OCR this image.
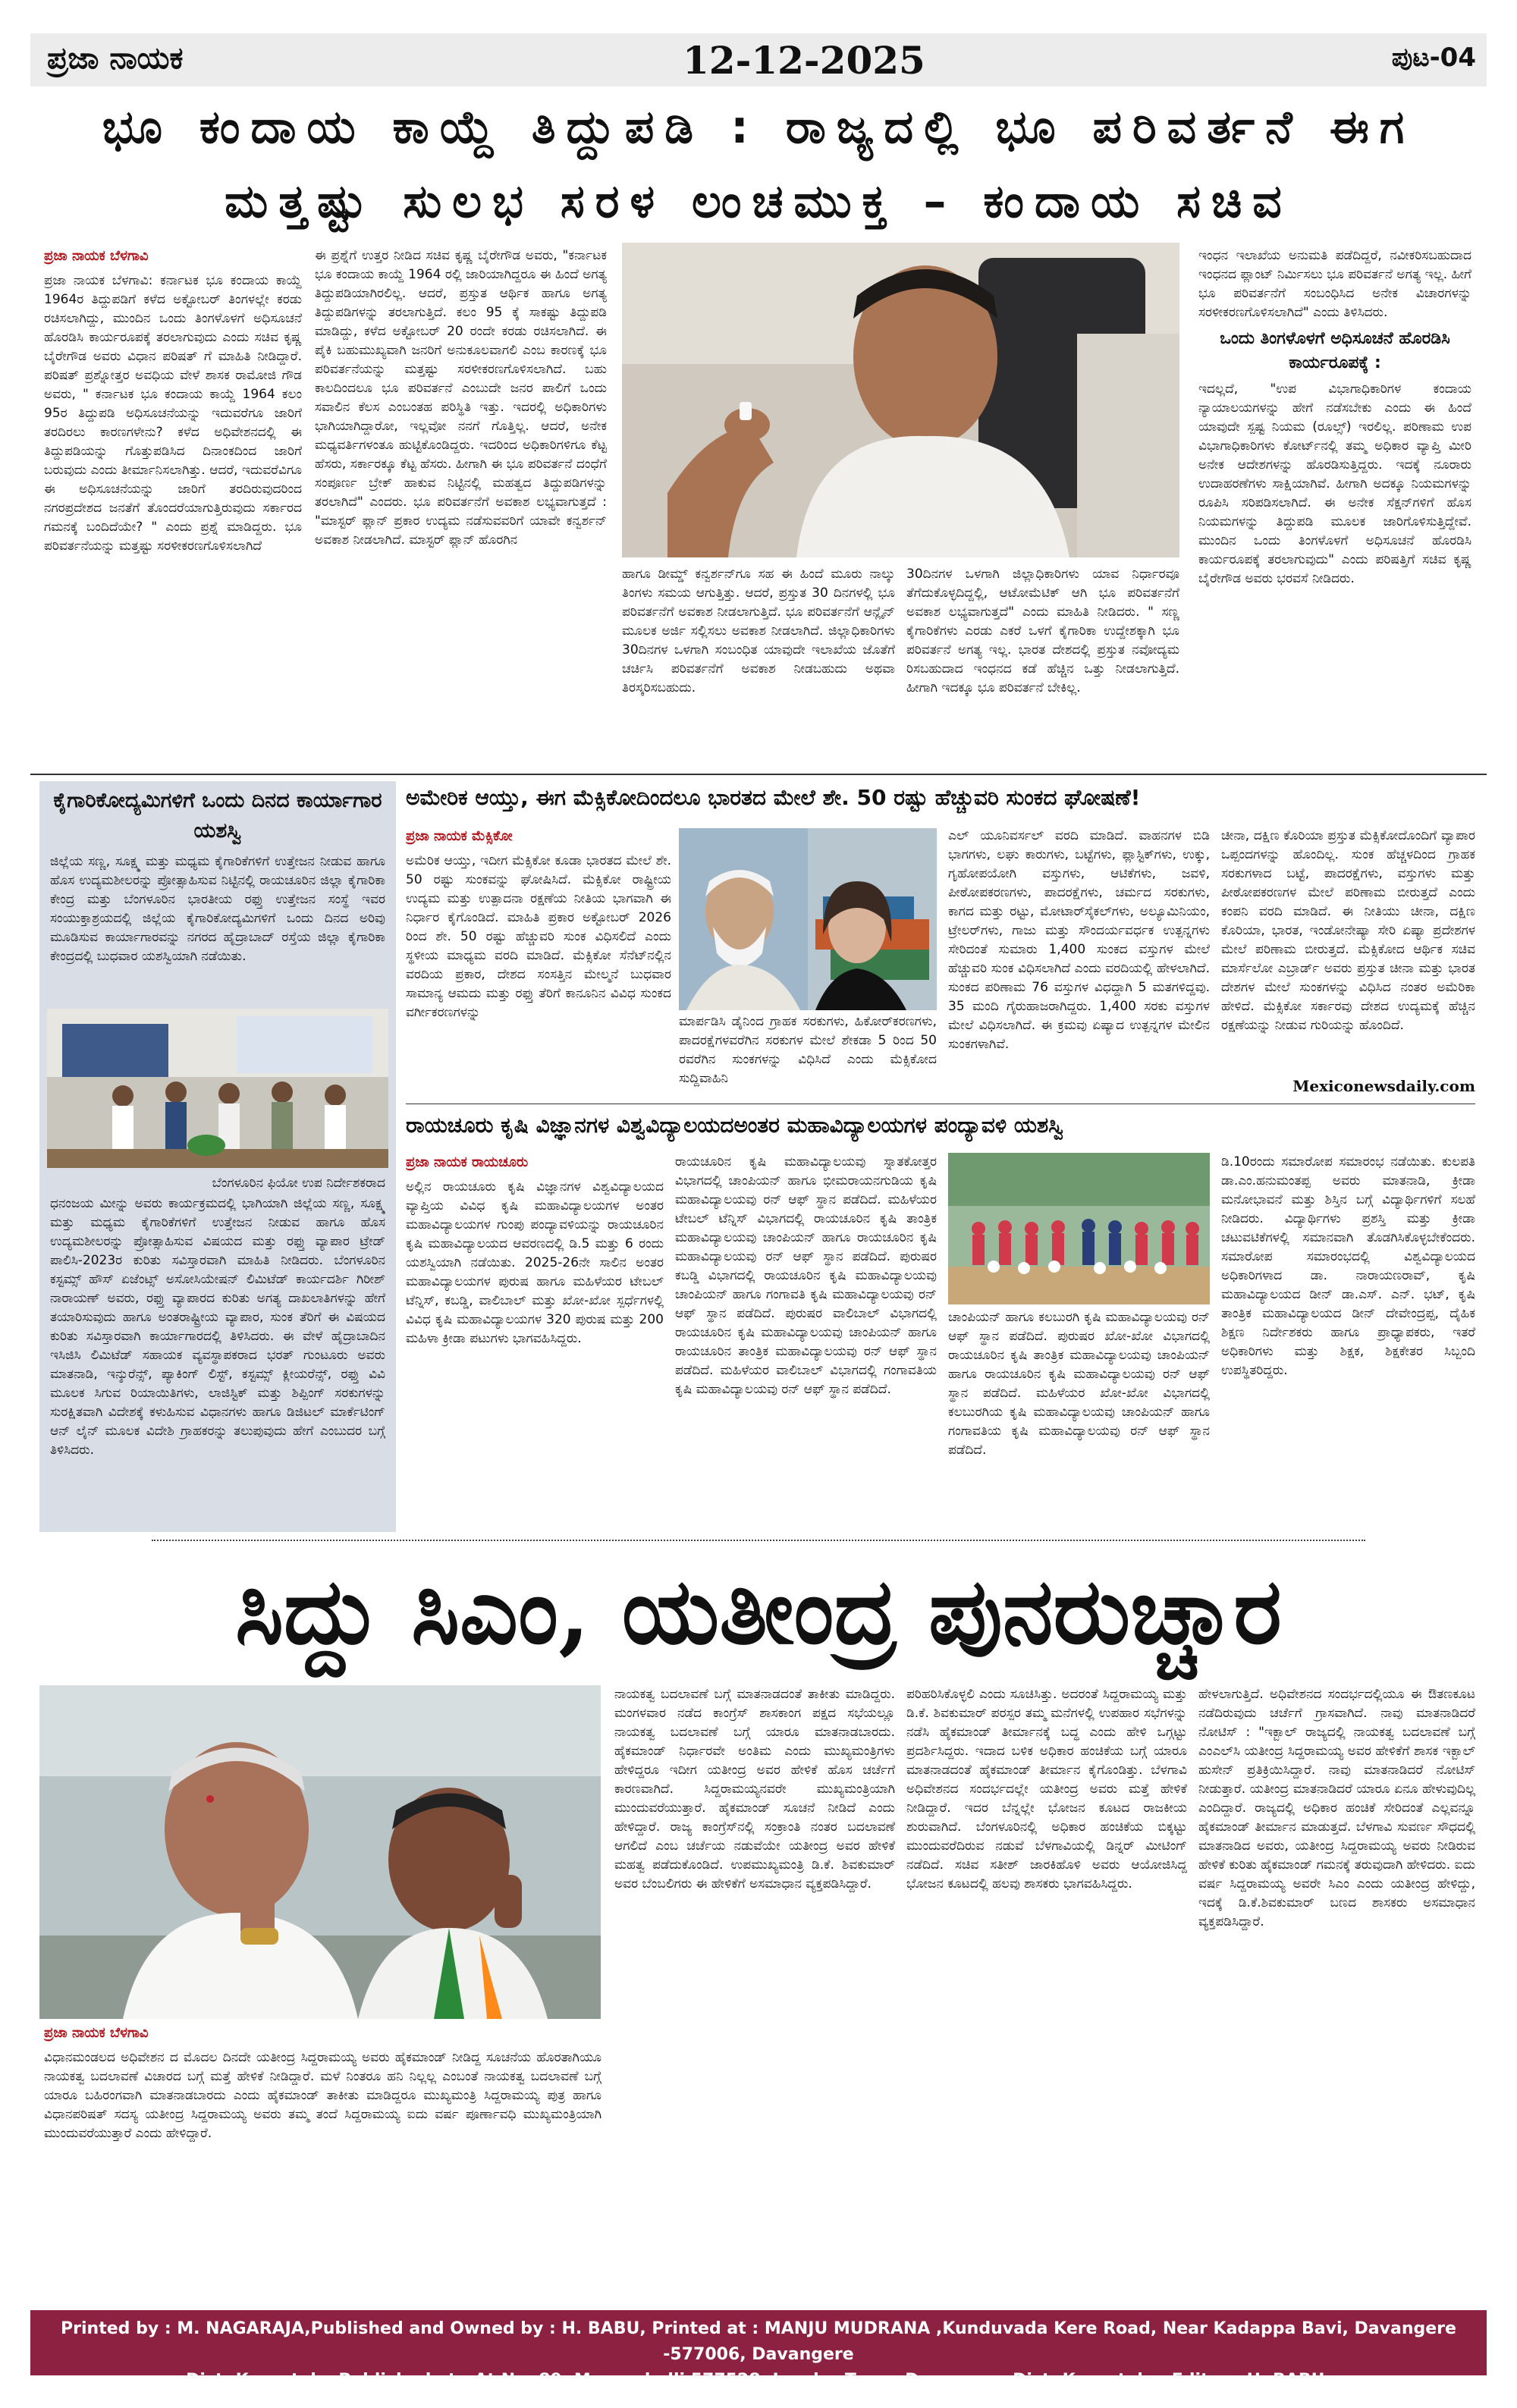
ಪ್ರಜಾ ನಾಯಕ	12-12-2025	ಪುಟ-04
ಭೂ ಕಂದಾಯ ಕಾಯ್ದೆ ತಿದ್ದುಪಡಿ : ರಾಜ್ಯದಲ್ಲಿ ಭೂ ಪರಿವರ್ತನೆ ಈಗ
ಮತ್ತಷ್ಟು ಸುಲಭ ಸರಳ ಲಂಚಮುಕ್ತ – ಕಂದಾಯ ಸಚಿವ
ಪ್ರಜಾ ನಾಯಕ ಬೆಳಗಾವಿ

ಪ್ರಜಾ ನಾಯಕ ಬೆಳಗಾವಿ: ಕರ್ನಾಟಕ ಭೂ ಕಂದಾಯ ಕಾಯ್ದೆ 1964ರ ತಿದ್ದುಪಡಿಗೆ ಕಳೆದ ಅಕ್ಟೋಬರ್ ತಿಂಗಳಲ್ಲೇ ಕರಡು ರಚಿಸಲಾಗಿದ್ದು, ಮುಂದಿನ ಒಂದು ತಿಂಗಳೊಳಗೆ ಅಧಿಸೂಚನೆ ಹೊರಡಿಸಿ ಕಾರ್ಯರೂಪಕ್ಕೆ ತರಲಾಗುವುದು ಎಂದು ಸಚಿವ ಕೃಷ್ಣ ಬೈರೇಗೌಡ ಅವರು ವಿಧಾನ ಪರಿಷತ್ ಗೆ ಮಾಹಿತಿ ನೀಡಿದ್ದಾರೆ. ಪರಿಷತ್ ಪ್ರಶ್ನೋತ್ತರ ಅವಧಿಯ ವೇಳೆ ಶಾಸಕ ರಾಮೋಜಿ ಗೌಡ ಅವರು, " ಕರ್ನಾಟಕ ಭೂ ಕಂದಾಯ ಕಾಯ್ದೆ 1964 ಕಲಂ 95ರ ತಿದ್ದುಪಡಿ ಅಧಿಸೂಚನೆಯನ್ನು ಇದುವರೆಗೂ ಜಾರಿಗೆ ತರದಿರಲು ಕಾರಣಗಳೇನು? ಕಳೆದ ಅಧಿವೇಶನದಲ್ಲಿ ಈ ತಿದ್ದುಪಡಿಯನ್ನು ಗೊತ್ತುಪಡಿಸಿದ ದಿನಾಂಕದಿಂದ ಜಾರಿಗೆ ಬರುವುದು ಎಂದು ತೀರ್ಮಾನಿಸಲಾಗಿತ್ತು. ಆದರೆ, ಇದುವರೆವಿಗೂ ಈ ಅಧಿಸೂಚನೆಯನ್ನು ಜಾರಿಗೆ ತರದಿರುವುದರಿಂದ ನಗರಪ್ರದೇಶದ ಜನತೆಗೆ ತೊಂದರೆಯಾಗುತ್ತಿರುವುದು ಸರ್ಕಾರದ ಗಮನಕ್ಕೆ ಬಂದಿದೆಯೇ? " ಎಂದು ಪ್ರಶ್ನೆ ಮಾಡಿದ್ದರು. ಭೂ ಪರಿವರ್ತನೆಯನ್ನು ಮತ್ತಷ್ಟು ಸರಳೀಕರಣಗೊಳಿಸಲಾಗಿದೆ

ಈ ಪ್ರಶ್ನೆಗೆ ಉತ್ತರ ನೀಡಿದ ಸಚಿವ ಕೃಷ್ಣ ಬೈರೇಗೌಡ ಅವರು, "ಕರ್ನಾಟಕ ಭೂ ಕಂದಾಯ ಕಾಯ್ದೆ 1964 ರಲ್ಲಿ ಜಾರಿಯಾಗಿದ್ದರೂ ಈ ಹಿಂದೆ ಅಗತ್ಯ ತಿದ್ದುಪಡಿಯಾಗಿರಲಿಲ್ಲ. ಆದರೆ, ಪ್ರಸ್ತುತ ಆರ್ಥಿಕ ಹಾಗೂ ಅಗತ್ಯ ತಿದ್ದುಪಡಿಗಳನ್ನು ತರಲಾಗುತ್ತಿದೆ. ಕಲಂ 95 ಕ್ಕೆ ಸಾಕಷ್ಟು ತಿದ್ದುಪಡಿ ಮಾಡಿದ್ದು, ಕಳೆದ ಅಕ್ಟೋಬರ್ 20 ರಂದೇ ಕರಡು ರಚಿಸಲಾಗಿದೆ. ಈ ಪೈಕಿ ಬಹುಮುಖ್ಯವಾಗಿ ಜನರಿಗೆ ಅನುಕೂಲವಾಗಲಿ ಎಂಬ ಕಾರಣಕ್ಕೆ ಭೂ ಪರಿವರ್ತನೆಯನ್ನು ಮತ್ತಷ್ಟು ಸರಳೀಕರಣಗೊಳಿಸಲಾಗಿದೆ. ಬಹು ಕಾಲದಿಂದಲೂ ಭೂ ಪರಿವರ್ತನೆ ಎಂಬುದೇ ಜನರ ಪಾಲಿಗೆ ಒಂದು ಸವಾಲಿನ ಕೆಲಸ ಎಂಬಂತಹ ಪರಿಸ್ಥಿತಿ ಇತ್ತು. ಇದರಲ್ಲಿ ಅಧಿಕಾರಿಗಳು ಭಾಗಿಯಾಗಿದ್ದಾರೋ, ಇಲ್ಲವೋ ನನಗೆ ಗೊತ್ತಿಲ್ಲ. ಆದರೆ, ಅನೇಕ ಮಧ್ಯವರ್ತಿಗಳಂತೂ ಹುಟ್ಟಿಕೊಂಡಿದ್ದರು. ಇದರಿಂದ ಅಧಿಕಾರಿಗಳಿಗೂ ಕೆಟ್ಟ ಹೆಸರು, ಸರ್ಕಾರಕ್ಕೂ ಕೆಟ್ಟ ಹೆಸರು. ಹೀಗಾಗಿ ಈ ಭೂ ಪರಿವರ್ತನೆ ದಂಧೆಗೆ ಸಂಪೂರ್ಣ ಬ್ರೇಕ್ ಹಾಕುವ ನಿಟ್ಟಿನಲ್ಲಿ ಮಹತ್ವದ ತಿದ್ದುಪಡಿಗಳನ್ನು ತರಲಾಗಿದೆ" ಎಂದರು. ಭೂ ಪರಿವರ್ತನೆಗೆ ಅವಕಾಶ ಲಭ್ಯವಾಗುತ್ತದೆ : "ಮಾಸ್ಟರ್ ಪ್ಲಾನ್ ಪ್ರಕಾರ ಉದ್ಯಮ ನಡೆಸುವವರಿಗೆ ಯಾವೇ ಕನ್ವರ್ಶನ್ ಅವಕಾಶ ನೀಡಲಾಗಿದೆ. ಮಾಸ್ಟರ್ ಪ್ಲಾನ್ ಹೊರಗಿನ

ಹಾಗೂ ಡೀಮ್ಡ್ ಕನ್ವರ್ಶನ್‌ಗೂ ಸಹ ಈ ಹಿಂದೆ ಮೂರು ನಾಲ್ಕು ತಿಂಗಳು ಸಮಯ ಆಗುತ್ತಿತ್ತು. ಆದರೆ, ಪ್ರಸ್ತುತ 30 ದಿನಗಳಲ್ಲಿ ಭೂ ಪರಿವರ್ತನೆಗೆ ಅವಕಾಶ ನೀಡಲಾಗುತ್ತಿದೆ. ಭೂ ಪರಿವರ್ತನೆಗೆ ಆನ್ಲೈನ್ ಮೂಲಕ ಅರ್ಜಿ ಸಲ್ಲಿಸಲು ಅವಕಾಶ ನೀಡಲಾಗಿದೆ. ಜಿಲ್ಲಾಧಿಕಾರಿಗಳು 30ದಿನಗಳ ಒಳಗಾಗಿ ಸಂಬಂಧಿತ ಯಾವುದೇ ಇಲಾಖೆಯ ಜೊತೆಗೆ ಚರ್ಚಿಸಿ ಪರಿವರ್ತನೆಗೆ ಅವಕಾಶ ನೀಡಬಹುದು ಅಥವಾ ತಿರಸ್ಕರಿಸಬಹುದು.

30ದಿನಗಳ ಒಳಗಾಗಿ ಜಿಲ್ಲಾಧಿಕಾರಿಗಳು ಯಾವ ನಿರ್ಧಾರವೂ ತೆಗೆದುಕೊಳ್ಳದಿದ್ದಲ್ಲಿ, ಆಟೋಮೆಟಿಕ್ ಆಗಿ ಭೂ ಪರಿವರ್ತನೆಗೆ ಅವಕಾಶ ಲಭ್ಯವಾಗುತ್ತದೆ" ಎಂದು ಮಾಹಿತಿ ನೀಡಿದರು. " ಸಣ್ಣ ಕೈಗಾರಿಕೆಗಳು ಎರಡು ಎಕರೆ ಒಳಗೆ ಕೈಗಾರಿಕಾ ಉದ್ದೇಶಕ್ಕಾಗಿ ಭೂ ಪರಿವರ್ತನೆ ಅಗತ್ಯ ಇಲ್ಲ. ಭಾರತ ದೇಶದಲ್ಲಿ ಪ್ರಸ್ತುತ ನವೋದ್ಯಮ ರಿಸಬಹುದಾದ ಇಂಧನದ ಕಡೆ ಹೆಚ್ಚಿನ ಒತ್ತು ನೀಡಲಾಗುತ್ತಿದೆ. ಹೀಗಾಗಿ ಇದಕ್ಕೂ ಭೂ ಪರಿವರ್ತನೆ ಬೇಕಿಲ್ಲ.

ಇಂಧನ ಇಲಾಖೆಯ ಅನುಮತಿ ಪಡೆದಿದ್ದರೆ, ನವೀಕರಿಸಬಹುದಾದ ಇಂಧನದ ಪ್ಲಾಂಟ್ ನಿರ್ಮಿಸಲು ಭೂ ಪರಿವರ್ತನೆ ಅಗತ್ಯ ಇಲ್ಲ. ಹೀಗೆ ಭೂ ಪರಿವರ್ತನೆಗೆ ಸಂಬಂಧಿಸಿದ ಅನೇಕ ವಿಚಾರಗಳನ್ನು ಸರಳೀಕರಣಗೊಳಿಸಲಾಗಿದೆ" ಎಂದು ತಿಳಿಸಿದರು.

ಒಂದು ತಿಂಗಳೊಳಗೆ ಅಧಿಸೂಚನೆ ಹೊರಡಿಸಿ ಕಾರ್ಯರೂಪಕ್ಕೆ :

ಇದಲ್ಲದೆ, "ಉಪ ವಿಭಾಗಾಧಿಕಾರಿಗಳ ಕಂದಾಯ ನ್ಯಾಯಾಲಯಗಳನ್ನು ಹೇಗೆ ನಡೆಸಬೇಕು ಎಂದು ಈ ಹಿಂದೆ ಯಾವುದೇ ಸ್ಪಷ್ಟ ನಿಯಮ (ರೂಲ್ಸ್) ಇರಲಿಲ್ಲ. ಪರಿಣಾಮ ಉಪ ವಿಭಾಗಾಧಿಕಾರಿಗಳು ಕೋರ್ಟ್‌ನಲ್ಲಿ ತಮ್ಮ ಅಧಿಕಾರ ವ್ಯಾಪ್ತಿ ಮೀರಿ ಅನೇಕ ಆದೇಶಗಳನ್ನು ಹೊರಡಿಸುತ್ತಿದ್ದರು. ಇದಕ್ಕೆ ನೂರಾರು ಉದಾಹರಣೆಗಳು ಸಾಕ್ಷಿಯಾಗಿವೆ. ಹೀಗಾಗಿ ಅದಕ್ಕೂ ನಿಯಮಗಳನ್ನು ರೂಪಿಸಿ ಸರಿಪಡಿಸಲಾಗಿದೆ. ಈ ಅನೇಕ ಸೆಕ್ಷನ್‌ಗಳಿಗೆ ಹೊಸ ನಿಯಮಗಳನ್ನು ತಿದ್ದುಪಡಿ ಮೂಲಕ ಜಾರಿಗೊಳಿಸುತ್ತಿದ್ದೇವೆ. ಮುಂದಿನ ಒಂದು ತಿಂಗಳೊಳಗೆ ಅಧಿಸೂಚನೆ ಹೊರಡಿಸಿ ಕಾರ್ಯರೂಪಕ್ಕೆ ತರಲಾಗುವುದು" ಎಂದು ಪರಿಷತ್ತಿಗೆ ಸಚಿವ ಕೃಷ್ಣ ಬೈರೇಗೌಡ ಅವರು ಭರವಸೆ ನೀಡಿದರು.

ಕೈಗಾರಿಕೋದ್ಯಮಿಗಳಿಗೆ ಒಂದು ದಿನದ ಕಾರ್ಯಾಗಾರ ಯಶಸ್ವಿ

ಜಿಲ್ಲೆಯ ಸಣ್ಣ, ಸೂಕ್ಷ್ಮ ಮತ್ತು ಮಧ್ಯಮ ಕೈಗಾರಿಕೆಗಳಿಗೆ ಉತ್ತೇಜನ ನೀಡುವ ಹಾಗೂ ಹೊಸ ಉದ್ಯಮಶೀಲರನ್ನು ಪ್ರೋತ್ಸಾಹಿಸುವ ನಿಟ್ಟಿನಲ್ಲಿ ರಾಯಚೂರಿನ ಜಿಲ್ಲಾ ಕೈಗಾರಿಕಾ ಕೇಂದ್ರ ಮತ್ತು ಬೆಂಗಳೂರಿನ ಭಾರತೀಯ ರಫ್ತು ಉತ್ತೇಜನ ಸಂಸ್ಥೆ ಇವರ ಸಂಯುಕ್ತಾಶ್ರಯದಲ್ಲಿ ಜಿಲ್ಲೆಯ ಕೈಗಾರಿಕೋದ್ಯಮಿಗಳಿಗೆ ಒಂದು ದಿನದ ಅರಿವು ಮೂಡಿಸುವ ಕಾರ್ಯಾಗಾರವನ್ನು ನಗರದ ಹೈದ್ರಾಬಾದ್ ರಸ್ತೆಯ ಜಿಲ್ಲಾ ಕೈಗಾರಿಕಾ ಕೇಂದ್ರದಲ್ಲಿ ಬುಧವಾರ ಯಶಸ್ವಿಯಾಗಿ ನಡೆಯಿತು.

ಬೆಂಗಳೂರಿನ ಫಿಯೋ ಉಪ ನಿರ್ದೇಶಕರಾದ

ಧನಂಜಯ ಮೀನ್ನು ಅವರು ಕಾರ್ಯಕ್ರಮದಲ್ಲಿ ಭಾಗಿಯಾಗಿ ಜಿಲ್ಲೆಯ ಸಣ್ಣ, ಸೂಕ್ಷ್ಮ ಮತ್ತು ಮಧ್ಯಮ ಕೈಗಾರಿಕೆಗಳಿಗೆ ಉತ್ತೇಜನ ನೀಡುವ ಹಾಗೂ ಹೊಸ ಉದ್ಯಮಶೀಲರನ್ನು ಪ್ರೋತ್ಸಾಹಿಸುವ ವಿಷಯದ ಮತ್ತು ರಫ್ತು ವ್ಯಾಪಾರ ಟ್ರೇಡ್ ಪಾಲಿಸಿ-2023ರ ಕುರಿತು ಸವಿಸ್ತಾರವಾಗಿ ಮಾಹಿತಿ ನೀಡಿದರು. ಬೆಂಗಳೂರಿನ ಕಸ್ಟಮ್ಸ್ ಹೌಸ್ ಏಜೆಂಟ್ಸ್ ಅಸೋಸಿಯೇಷನ್ ಲಿಮಿಟೆಡ್ ಕಾರ್ಯದರ್ಶಿ ಗಿರೀಶ್ ನಾರಾಯಣ್ ಅವರು, ರಫ್ತು ವ್ಯಾಪಾರದ ಕುರಿತು ಅಗತ್ಯ ದಾಖಲಾತಿಗಳನ್ನು ಹೇಗೆ ತಯಾರಿಸುವುದು ಹಾಗೂ ಅಂತರಾಷ್ಟ್ರೀಯ ವ್ಯಾಪಾರ, ಸುಂಕ ತೆರಿಗೆ ಈ ವಿಷಯದ ಕುರಿತು ಸವಿಸ್ತಾರವಾಗಿ ಕಾರ್ಯಾಗಾರದಲ್ಲಿ ತಿಳಿಸಿದರು. ಈ ವೇಳೆ ಹೈದ್ರಾಬಾದಿನ ಇಸಿಜಿಸಿ ಲಿಮಿಟೆಡ್ ಸಹಾಯಕ ವ್ಯವಸ್ಥಾಪಕರಾದ ಭರತ್ ಗುಂಟೂರು ಅವರು ಮಾತನಾಡಿ, ಇನ್ಶುರೆನ್ಸ್, ಪ್ಯಾಕಿಂಗ್ ಲಿಸ್ಟ್, ಕಸ್ಟಮ್ಸ್ ಕ್ಲೀಯರೆನ್ಸ್, ರಫ್ತು ವಿವಿ ಮೂಲಕ ಸಿಗುವ ರಿಯಾಯಿತಿಗಳು, ಲಾಜಿಸ್ಟಿಕ್ ಮತ್ತು ಶಿಪ್ಪಿಂಗ್ ಸರಕುಗಳನ್ನು ಸುರಕ್ಷಿತವಾಗಿ ವಿದೇಶಕ್ಕೆ ಕಳುಹಿಸುವ ವಿಧಾನಗಳು ಹಾಗೂ ಡಿಜಿಟಲ್ ಮಾರ್ಕೆಟಿಂಗ್ ಆನ್ ಲೈನ್ ಮೂಲಕ ವಿದೇಶಿ ಗ್ರಾಹಕರನ್ನು ತಲುಪುವುದು ಹೇಗೆ ಎಂಬುದರ ಬಗ್ಗೆ ತಿಳಿಸಿದರು.

ಅಮೇರಿಕ ಆಯ್ತು, ಈಗ ಮೆಕ್ಸಿಕೋದಿಂದಲೂ ಭಾರತದ ಮೇಲೆ ಶೇ. 50 ರಷ್ಟು ಹೆಚ್ಚುವರಿ ಸುಂಕದ ಘೋಷಣೆ!
ಪ್ರಜಾ ನಾಯಕ ಮೆಕ್ಸಿಕೋ

ಅಮೆರಿಕ ಆಯ್ತು, ಇದೀಗ ಮೆಕ್ಸಿಕೋ ಕೂಡಾ ಭಾರತದ ಮೇಲೆ ಶೇ. 50 ರಷ್ಟು ಸುಂಕವನ್ನು ಘೋಷಿಸಿದೆ. ಮೆಕ್ಸಿಕೋ ರಾಷ್ಟ್ರೀಯ ಉದ್ಯಮ ಮತ್ತು ಉತ್ಪಾದನಾ ರಕ್ಷಣೆಯ ನೀತಿಯ ಭಾಗವಾಗಿ ಈ ನಿರ್ಧಾರ ಕೈಗೊಂಡಿದೆ. ಮಾಹಿತಿ ಪ್ರಕಾರ ಅಕ್ಟೋಬರ್ 2026 ರಿಂದ ಶೇ. 50 ರಷ್ಟು ಹೆಚ್ಚುವರಿ ಸುಂಕ ವಿಧಿಸಲಿದೆ ಎಂದು ಸ್ಥಳೀಯ ಮಾಧ್ಯಮ ವರದಿ ಮಾಡಿದೆ. ಮೆಕ್ಸಿಕೋ ಸೆನೆಟ್‌ನಲ್ಲಿನ ವರದಿಯ ಪ್ರಕಾರ, ದೇಶದ ಸಂಸತ್ತಿನ ಮೇಲ್ಮನೆ ಬುಧವಾರ ಸಾಮಾನ್ಯ ಆಮದು ಮತ್ತು ರಫ್ತು ತೆರಿಗೆ ಕಾನೂನಿನ ವಿವಿಧ ಸುಂಕದ ವರ್ಗೀಕರಣಗಳನ್ನು

ಮಾರ್ಪಡಿಸಿ ಡೈನಿಂದ ಗ್ರಾಹಕ ಸರಕುಗಳು, ಹಿಕೋರ್‌ಕರಣಗಳು, ಪಾದರಕ್ಷೆಗಳವರೆಗಿನ ಸರಕುಗಳ ಮೇಲೆ ಶೇಕಡಾ 5 ರಿಂದ 50 ರವರೆಗಿನ ಸುಂಕಗಳನ್ನು ವಿಧಿಸಿದೆ ಎಂದು ಮೆಕ್ಸಿಕೋದ ಸುದ್ದಿವಾಹಿನಿ

ಎಲ್ ಯೂನಿವರ್ಸಲ್ ವರದಿ ಮಾಡಿದೆ. ವಾಹನಗಳ ಬಿಡಿ ಭಾಗಗಳು, ಲಘು ಕಾರುಗಳು, ಬಟ್ಟೆಗಳು, ಪ್ಲಾಸ್ಟಿಕ್‌ಗಳು, ಉಕ್ಕು, ಗೃಹೋಪಯೋಗಿ ವಸ್ತುಗಳು, ಆಟಿಕೆಗಳು, ಜವಳಿ, ಪೀಠೋಪಕರಣಗಳು, ಪಾದರಕ್ಷೆಗಳು, ಚರ್ಮದ ಸರಕುಗಳು, ಕಾಗದ ಮತ್ತು ರಟ್ಟು, ಮೋಟಾರ್‌ಸೈಕಲ್‌ಗಳು, ಅಲ್ಯೂಮಿನಿಯಂ, ಟ್ರೇಲರ್‌ಗಳು, ಗಾಜು ಮತ್ತು ಸೌಂದರ್ಯವರ್ಧಕ ಉತ್ಪನ್ನಗಳು ಸೇರಿದಂತೆ ಸುಮಾರು 1,400 ಸುಂಕದ ವಸ್ತುಗಳ ಮೇಲೆ ಹೆಚ್ಚುವರಿ ಸುಂಕ ವಿಧಿಸಲಾಗಿದೆ ಎಂದು ವರದಿಯಲ್ಲಿ ಹೇಳಲಾಗಿದೆ. ಸುಂಕದ ಪರಿಣಾಮ 76 ವಸ್ತುಗಳ ವಿಧದ್ದಾಗಿ 5 ಮತಗಳಿದ್ದವು. 35 ಮಂದಿ ಗೈರುಹಾಜರಾಗಿದ್ದರು. 1,400 ಸರಕು ವಸ್ತುಗಳ ಮೇಲೆ ವಿಧಿಸಲಾಗಿದೆ. ಈ ಕ್ರಮವು ಏಷ್ಯಾದ ಉತ್ಪನ್ನಗಳ ಮೇಲಿನ ಸುಂಕಗಳಾಗಿವೆ.

ಚೀನಾ, ದಕ್ಷಿಣ ಕೊರಿಯಾ ಪ್ರಸ್ತುತ ಮೆಕ್ಸಿಕೋದೊಂದಿಗೆ ವ್ಯಾಪಾರ ಒಪ್ಪಂದಗಳನ್ನು ಹೊಂದಿಲ್ಲ. ಸುಂಕ ಹೆಚ್ಚಳದಿಂದ ಗ್ರಾಹಕ ಸರಕುಗಳಾದ ಬಟ್ಟೆ, ಪಾದರಕ್ಷೆಗಳು, ವಸ್ತುಗಳು ಮತ್ತು ಪೀಠೋಪಕರಣಗಳ ಮೇಲೆ ಪರಿಣಾಮ ಬೀರುತ್ತದೆ ಎಂದು ಕಂಪನಿ ವರದಿ ಮಾಡಿದೆ. ಈ ನೀತಿಯು ಚೀನಾ, ದಕ್ಷಿಣ ಕೊರಿಯಾ, ಭಾರತ, ಇಂಡೋನೇಷ್ಯಾ ಸೇರಿ ಏಷ್ಯಾ ಪ್ರದೇಶಗಳ ಮೇಲೆ ಪರಿಣಾಮ ಬೀರುತ್ತದೆ. ಮೆಕ್ಸಿಕೋದ ಆರ್ಥಿಕ ಸಚಿವ ಮಾರ್ಸೆಲೋ ಎಬ್ರಾರ್ಡ್ ಅವರು ಪ್ರಸ್ತುತ ಚೀನಾ ಮತ್ತು ಭಾರತ ದೇಶಗಳ ಮೇಲೆ ಸುಂಕಗಳನ್ನು ವಿಧಿಸಿದ ನಂತರ ಅಮೆರಿಕಾ ಹೇಳಿದೆ. ಮೆಕ್ಸಿಕೋ ಸರ್ಕಾರವು ದೇಶದ ಉದ್ಯಮಕ್ಕೆ ಹೆಚ್ಚಿನ ರಕ್ಷಣೆಯನ್ನು ನೀಡುವ ಗುರಿಯನ್ನು ಹೊಂದಿದೆ.

Mexiconewsdaily.com
ರಾಯಚೂರು ಕೃಷಿ ವಿಜ್ಞಾನಗಳ ವಿಶ್ವವಿದ್ಯಾಲಯದಅಂತರ ಮಹಾವಿದ್ಯಾಲಯಗಳ ಪಂದ್ಯಾವಳಿ ಯಶಸ್ವಿ
ಪ್ರಜಾ ನಾಯಕ ರಾಯಚೂರು

ಅಲ್ಲಿನ ರಾಯಚೂರು ಕೃಷಿ ವಿಜ್ಞಾನಗಳ ವಿಶ್ವವಿದ್ಯಾಲಯದ ವ್ಯಾಪ್ತಿಯ ವಿವಿಧ ಕೃಷಿ ಮಹಾವಿದ್ಯಾಲಯಗಳ ಅಂತರ ಮಹಾವಿದ್ಯಾಲಯಗಳ ಗುಂಪು ಪಂದ್ಯಾವಳಿಯನ್ನು ರಾಯಚೂರಿನ ಕೃಷಿ ಮಹಾವಿದ್ಯಾಲಯದ ಆವರಣದಲ್ಲಿ ಡಿ.5 ಮತ್ತು 6 ರಂದು ಯಶಸ್ವಿಯಾಗಿ ನಡೆಯಿತು. 2025-26ನೇ ಸಾಲಿನ ಅಂತರ ಮಹಾವಿದ್ಯಾಲಯಗಳ ಪುರುಷ ಹಾಗೂ ಮಹಿಳೆಯರ ಟೇಬಲ್ ಟೆನ್ನಿಸ್, ಕಬಡ್ಡಿ, ವಾಲಿಬಾಲ್ ಮತ್ತು ಖೋ-ಖೋ ಸ್ಪರ್ಧೆಗಳಲ್ಲಿ ವಿವಿಧ ಕೃಷಿ ಮಹಾವಿದ್ಯಾಲಯಗಳ 320 ಪುರುಷ ಮತ್ತು 200 ಮಹಿಳಾ ಕ್ರೀಡಾ ಪಟುಗಳು ಭಾಗವಹಿಸಿದ್ದರು.

ರಾಯಚೂರಿನ ಕೃಷಿ ಮಹಾವಿದ್ಯಾಲಯವು ಸ್ನಾತಕೋತ್ತರ ವಿಭಾಗದಲ್ಲಿ ಚಾಂಪಿಯನ್ ಹಾಗೂ ಭೀಮರಾಯನಗುಡಿಯ ಕೃಷಿ ಮಹಾವಿದ್ಯಾಲಯವು ರನ್ ಆಫ್ ಸ್ಥಾನ ಪಡೆದಿದೆ. ಮಹಿಳೆಯರ ಟೇಬಲ್ ಟೆನ್ನಿಸ್ ವಿಭಾಗದಲ್ಲಿ ರಾಯಚೂರಿನ ಕೃಷಿ ತಾಂತ್ರಿಕ ಮಹಾವಿದ್ಯಾಲಯವು ಚಾಂಪಿಯನ್ ಹಾಗೂ ರಾಯಚೂರಿನ ಕೃಷಿ ಮಹಾವಿದ್ಯಾಲಯವು ರನ್ ಆಫ್ ಸ್ಥಾನ ಪಡೆದಿದೆ. ಪುರುಷರ ಕಬಡ್ಡಿ ವಿಭಾಗದಲ್ಲಿ ರಾಯಚೂರಿನ ಕೃಷಿ ಮಹಾವಿದ್ಯಾಲಯವು ಚಾಂಪಿಯನ್ ಹಾಗೂ ಗಂಗಾವತಿ ಕೃಷಿ ಮಹಾವಿದ್ಯಾಲಯವು ರನ್ ಆಫ್ ಸ್ಥಾನ ಪಡೆದಿದೆ. ಪುರುಷರ ವಾಲಿಬಾಲ್ ವಿಭಾಗದಲ್ಲಿ ರಾಯಚೂರಿನ ಕೃಷಿ ಮಹಾವಿದ್ಯಾಲಯವು ಚಾಂಪಿಯನ್ ಹಾಗೂ ರಾಯಚೂರಿನ ತಾಂತ್ರಿಕ ಮಹಾವಿದ್ಯಾಲಯವು ರನ್ ಆಫ್ ಸ್ಥಾನ ಪಡೆದಿದೆ. ಮಹಿಳೆಯರ ವಾಲಿಬಾಲ್ ವಿಭಾಗದಲ್ಲಿ ಗಂಗಾವತಿಯ ಕೃಷಿ ಮಹಾವಿದ್ಯಾಲಯವು ರನ್ ಆಫ್ ಸ್ಥಾನ ಪಡೆದಿದೆ.

ಚಾಂಪಿಯನ್ ಹಾಗೂ ಕಲಬುರಗಿ ಕೃಷಿ ಮಹಾವಿದ್ಯಾಲಯವು ರನ್ ಆಫ್ ಸ್ಥಾನ ಪಡೆದಿದೆ. ಪುರುಷರ ಖೋ-ಖೋ ವಿಭಾಗದಲ್ಲಿ ರಾಯಚೂರಿನ ಕೃಷಿ ತಾಂತ್ರಿಕ ಮಹಾವಿದ್ಯಾಲಯವು ಚಾಂಪಿಯನ್ ಹಾಗೂ ರಾಯಚೂರಿನ ಕೃಷಿ ಮಹಾವಿದ್ಯಾಲಯವು ರನ್ ಆಫ್ ಸ್ಥಾನ ಪಡೆದಿದೆ. ಮಹಿಳೆಯರ ಖೋ-ಖೋ ವಿಭಾಗದಲ್ಲಿ ಕಲಬುರಗಿಯ ಕೃಷಿ ಮಹಾವಿದ್ಯಾಲಯವು ಚಾಂಪಿಯನ್ ಹಾಗೂ ಗಂಗಾವತಿಯ ಕೃಷಿ ಮಹಾವಿದ್ಯಾಲಯವು ರನ್ ಆಫ್ ಸ್ಥಾನ ಪಡೆದಿದೆ.

ಡಿ.10ರಂದು ಸಮಾರೋಪ ಸಮಾರಂಭ ನಡೆಯಿತು. ಕುಲಪತಿ ಡಾ.ಎಂ.ಹನುಮಂತಪ್ಪ ಅವರು ಮಾತನಾಡಿ, ಕ್ರೀಡಾ ಮನೋಭಾವನೆ ಮತ್ತು ಶಿಸ್ತಿನ ಬಗ್ಗೆ ವಿದ್ಯಾರ್ಥಿಗಳಿಗೆ ಸಲಹೆ ನೀಡಿದರು. ವಿದ್ಯಾರ್ಥಿಗಳು ಪ್ರಶಸ್ತಿ ಮತ್ತು ಕ್ರೀಡಾ ಚಟುವಟಿಕೆಗಳಲ್ಲಿ ಸಮಾನವಾಗಿ ತೊಡಗಿಸಿಕೊಳ್ಳಬೇಕೆಂದರು. ಸಮಾರೋಪ ಸಮಾರಂಭದಲ್ಲಿ ವಿಶ್ವವಿದ್ಯಾಲಯದ ಅಧಿಕಾರಿಗಳಾದ ಡಾ. ನಾರಾಯಣರಾವ್, ಕೃಷಿ ಮಹಾವಿದ್ಯಾಲಯದ ಡೀನ್ ಡಾ.ಎಸ್. ಎನ್. ಭಟ್, ಕೃಷಿ ತಾಂತ್ರಿಕ ಮಹಾವಿದ್ಯಾಲಯದ ಡೀನ್ ದೇವೇಂದ್ರಪ್ಪ, ದೈಹಿಕ ಶಿಕ್ಷಣ ನಿರ್ದೇಶಕರು ಹಾಗೂ ಪ್ರಾಧ್ಯಾಪಕರು, ಇತರೆ ಅಧಿಕಾರಿಗಳು ಮತ್ತು ಶಿಕ್ಷಕ, ಶಿಕ್ಷಕೇತರ ಸಿಬ್ಬಂದಿ ಉಪಸ್ಥಿತರಿದ್ದರು.

ಸಿದ್ದು ಸಿಎಂ, ಯತೀಂದ್ರ ಪುನರುಚ್ಚಾರ
ಪ್ರಜಾ ನಾಯಕ ಬೆಳಗಾವಿ

ವಿಧಾನಮಂಡಲದ ಅಧಿವೇಶನ ದ ಮೊದಲ ದಿನದೇ ಯತೀಂದ್ರ ಸಿದ್ದರಾಮಯ್ಯ ಅವರು ಹೈಕಮಾಂಡ್ ನೀಡಿದ್ದ ಸೂಚನೆಯ ಹೊರತಾಗಿಯೂ ನಾಯಕತ್ವ ಬದಲಾವಣೆ ವಿಚಾರದ ಬಗ್ಗೆ ಮತ್ತೆ ಹೇಳಿಕೆ ನೀಡಿದ್ದಾರೆ. ಮಳೆ ನಿಂತರೂ ಹನಿ ನಿಲ್ಲಲ್ಲ ಎಂಬಂತೆ ನಾಯಕತ್ವ ಬದಲಾವಣೆ ಬಗ್ಗೆ ಯಾರೂ ಬಹಿರಂಗವಾಗಿ ಮಾತನಾಡಬಾರದು ಎಂದು ಹೈಕಮಾಂಡ್ ತಾಕೀತು ಮಾಡಿದ್ದರೂ ಮುಖ್ಯಮಂತ್ರಿ ಸಿದ್ದರಾಮಯ್ಯ ಪುತ್ರ ಹಾಗೂ ವಿಧಾನಪರಿಷತ್ ಸದಸ್ಯ ಯತೀಂದ್ರ ಸಿದ್ದರಾಮಯ್ಯ ಅವರು ತಮ್ಮ ತಂದೆ ಸಿದ್ದರಾಮಯ್ಯ ಐದು ವರ್ಷ ಪೂರ್ಣಾವಧಿ ಮುಖ್ಯಮಂತ್ರಿಯಾಗಿ ಮುಂದುವರೆಯುತ್ತಾರೆ ಎಂದು ಹೇಳಿದ್ದಾರೆ.

ನಾಯಕತ್ವ ಬದಲಾವಣೆ ಬಗ್ಗೆ ಮಾತನಾಡದಂತೆ ತಾಕೀತು ಮಾಡಿದ್ದರು. ಮಂಗಳವಾರ ನಡೆದ ಕಾಂಗ್ರೆಸ್ ಶಾಸಕಾಂಗ ಪಕ್ಷದ ಸಭೆಯಲ್ಲೂ ನಾಯಕತ್ವ ಬದಲಾವಣೆ ಬಗ್ಗೆ ಯಾರೂ ಮಾತನಾಡಬಾರದು. ಹೈಕಮಾಂಡ್ ನಿರ್ಧಾರವೇ ಅಂತಿಮ ಎಂದು ಮುಖ್ಯಮಂತ್ರಿಗಳು ಹೇಳಿದ್ದರೂ ಇದೀಗ ಯತೀಂದ್ರ ಅವರ ಹೇಳಿಕೆ ಹೊಸ ಚರ್ಚೆಗೆ ಕಾರಣವಾಗಿದೆ. ಸಿದ್ದರಾಮಯ್ಯನವರೇ ಮುಖ್ಯಮಂತ್ರಿಯಾಗಿ ಮುಂದುವರೆಯುತ್ತಾರೆ. ಹೈಕಮಾಂಡ್ ಸೂಚನೆ ನೀಡಿದೆ ಎಂದು ಹೇಳಿದ್ದಾರೆ. ರಾಜ್ಯ ಕಾಂಗ್ರೆಸ್‌ನಲ್ಲಿ ಸಂಕ್ರಾಂತಿ ನಂತರ ಬದಲಾವಣೆ ಆಗಲಿದೆ ಎಂಬ ಚರ್ಚೆಯ ನಡುವೆಯೇ ಯತೀಂದ್ರ ಅವರ ಹೇಳಿಕೆ ಮಹತ್ವ ಪಡೆದುಕೊಂಡಿದೆ. ಉಪಮುಖ್ಯಮಂತ್ರಿ ಡಿ.ಕೆ. ಶಿವಕುಮಾರ್ ಅವರ ಬೆಂಬಲಿಗರು ಈ ಹೇಳಿಕೆಗೆ ಅಸಮಾಧಾನ ವ್ಯಕ್ತಪಡಿಸಿದ್ದಾರೆ.

ಪರಿಹರಿಸಿಕೊಳ್ಳಲಿ ಎಂದು ಸೂಚಿಸಿತ್ತು. ಅದರಂತೆ ಸಿದ್ದರಾಮಯ್ಯ ಮತ್ತು ಡಿ.ಕೆ. ಶಿವಕುಮಾರ್ ಪರಸ್ಪರ ತಮ್ಮ ಮನೆಗಳಲ್ಲಿ ಉಪಹಾರ ಸಭೆಗಳನ್ನು ನಡೆಸಿ ಹೈಕಮಾಂಡ್ ತೀರ್ಮಾನಕ್ಕೆ ಬದ್ಧ ಎಂದು ಹೇಳಿ ಒಗ್ಗಟ್ಟು ಪ್ರದರ್ಶಿಸಿದ್ದರು. ಇದಾದ ಬಳಿಕ ಅಧಿಕಾರ ಹಂಚಿಕೆಯ ಬಗ್ಗೆ ಯಾರೂ ಮಾತನಾಡದಂತೆ ಹೈಕಮಾಂಡ್ ತೀರ್ಮಾನ ಕೈಗೊಂಡಿತ್ತು. ಬೆಳಗಾವಿ ಅಧಿವೇಶನದ ಸಂದರ್ಭದಲ್ಲೇ ಯತೀಂದ್ರ ಅವರು ಮತ್ತೆ ಹೇಳಿಕೆ ನೀಡಿದ್ದಾರೆ. ಇದರ ಬೆನ್ನಲ್ಲೇ ಭೋಜನ ಕೂಟದ ರಾಜಕೀಯ ಶುರುವಾಗಿದೆ. ಬೆಂಗಳೂರಿನಲ್ಲಿ ಅಧಿಕಾರ ಹಂಚಿಕೆಯ ಬಿಕ್ಕಟ್ಟು ಮುಂದುವರೆದಿರುವ ನಡುವೆ ಬೆಳಗಾವಿಯಲ್ಲಿ ಡಿನ್ನರ್ ಮೀಟಿಂಗ್ ನಡೆದಿದೆ. ಸಚಿವ ಸತೀಶ್ ಜಾರಕಿಹೊಳಿ ಅವರು ಆಯೋಜಿಸಿದ್ದ ಭೋಜನ ಕೂಟದಲ್ಲಿ ಹಲವು ಶಾಸಕರು ಭಾಗವಹಿಸಿದ್ದರು.

ಹೇಳಲಾಗುತ್ತಿದೆ. ಅಧಿವೇಶನದ ಸಂದರ್ಭದಲ್ಲಿಯೂ ಈ ಔತಣಕೂಟ ನಡೆದಿರುವುದು ಚರ್ಚೆಗೆ ಗ್ರಾಸವಾಗಿದೆ. ನಾವು ಮಾತನಾಡಿದರೆ ನೋಟಿಸ್ : "ಇಕ್ಬಾಲ್ ರಾಜ್ಯದಲ್ಲಿ ನಾಯಕತ್ವ ಬದಲಾವಣೆ ಬಗ್ಗೆ ಎಂಎಲ್‌ಸಿ ಯತೀಂದ್ರ ಸಿದ್ದರಾಮಯ್ಯ ಅವರ ಹೇಳಿಕೆಗೆ ಶಾಸಕ ಇಕ್ಬಾಲ್ ಹುಸೇನ್ ಪ್ರತಿಕ್ರಿಯಿಸಿದ್ದಾರೆ. ನಾವು ಮಾತನಾಡಿದರೆ ನೋಟಿಸ್ ನೀಡುತ್ತಾರೆ. ಯತೀಂದ್ರ ಮಾತನಾಡಿದರೆ ಯಾರೂ ಏನೂ ಹೇಳುವುದಿಲ್ಲ ಎಂದಿದ್ದಾರೆ. ರಾಜ್ಯದಲ್ಲಿ ಅಧಿಕಾರ ಹಂಚಿಕೆ ಸೇರಿದಂತೆ ಎಲ್ಲವನ್ನೂ ಹೈಕಮಾಂಡ್ ತೀರ್ಮಾನ ಮಾಡುತ್ತದೆ. ಬೆಳಗಾವಿ ಸುವರ್ಣ ಸೌಧದಲ್ಲಿ ಮಾತನಾಡಿದ ಅವರು, ಯತೀಂದ್ರ ಸಿದ್ದರಾಮಯ್ಯ ಅವರು ನೀಡಿರುವ ಹೇಳಿಕೆ ಕುರಿತು ಹೈಕಮಾಂಡ್ ಗಮನಕ್ಕೆ ತರುವುದಾಗಿ ಹೇಳಿದರು. ಐದು ವರ್ಷ ಸಿದ್ದರಾಮಯ್ಯ ಅವರೇ ಸಿಎಂ ಎಂದು ಯತೀಂದ್ರ ಹೇಳಿದ್ದು, ಇದಕ್ಕೆ ಡಿ.ಕೆ.ಶಿವಕುಮಾರ್ ಬಣದ ಶಾಸಕರು ಅಸಮಾಧಾನ ವ್ಯಕ್ತಪಡಿಸಿದ್ದಾರೆ.

Printed by : M. NAGARAJA,Published and Owned by : H. BABU, Printed at : MANJU MUDRANA ,Kunduvada Kere Road, Near Kadappa Bavi, Davangere -577006, Davangere
Dist, Karnataka Published at : At No .89, Marenahalli 577528, Jagalur Town, Davangere Dist, Karnataka. Editor : H. BABU.
